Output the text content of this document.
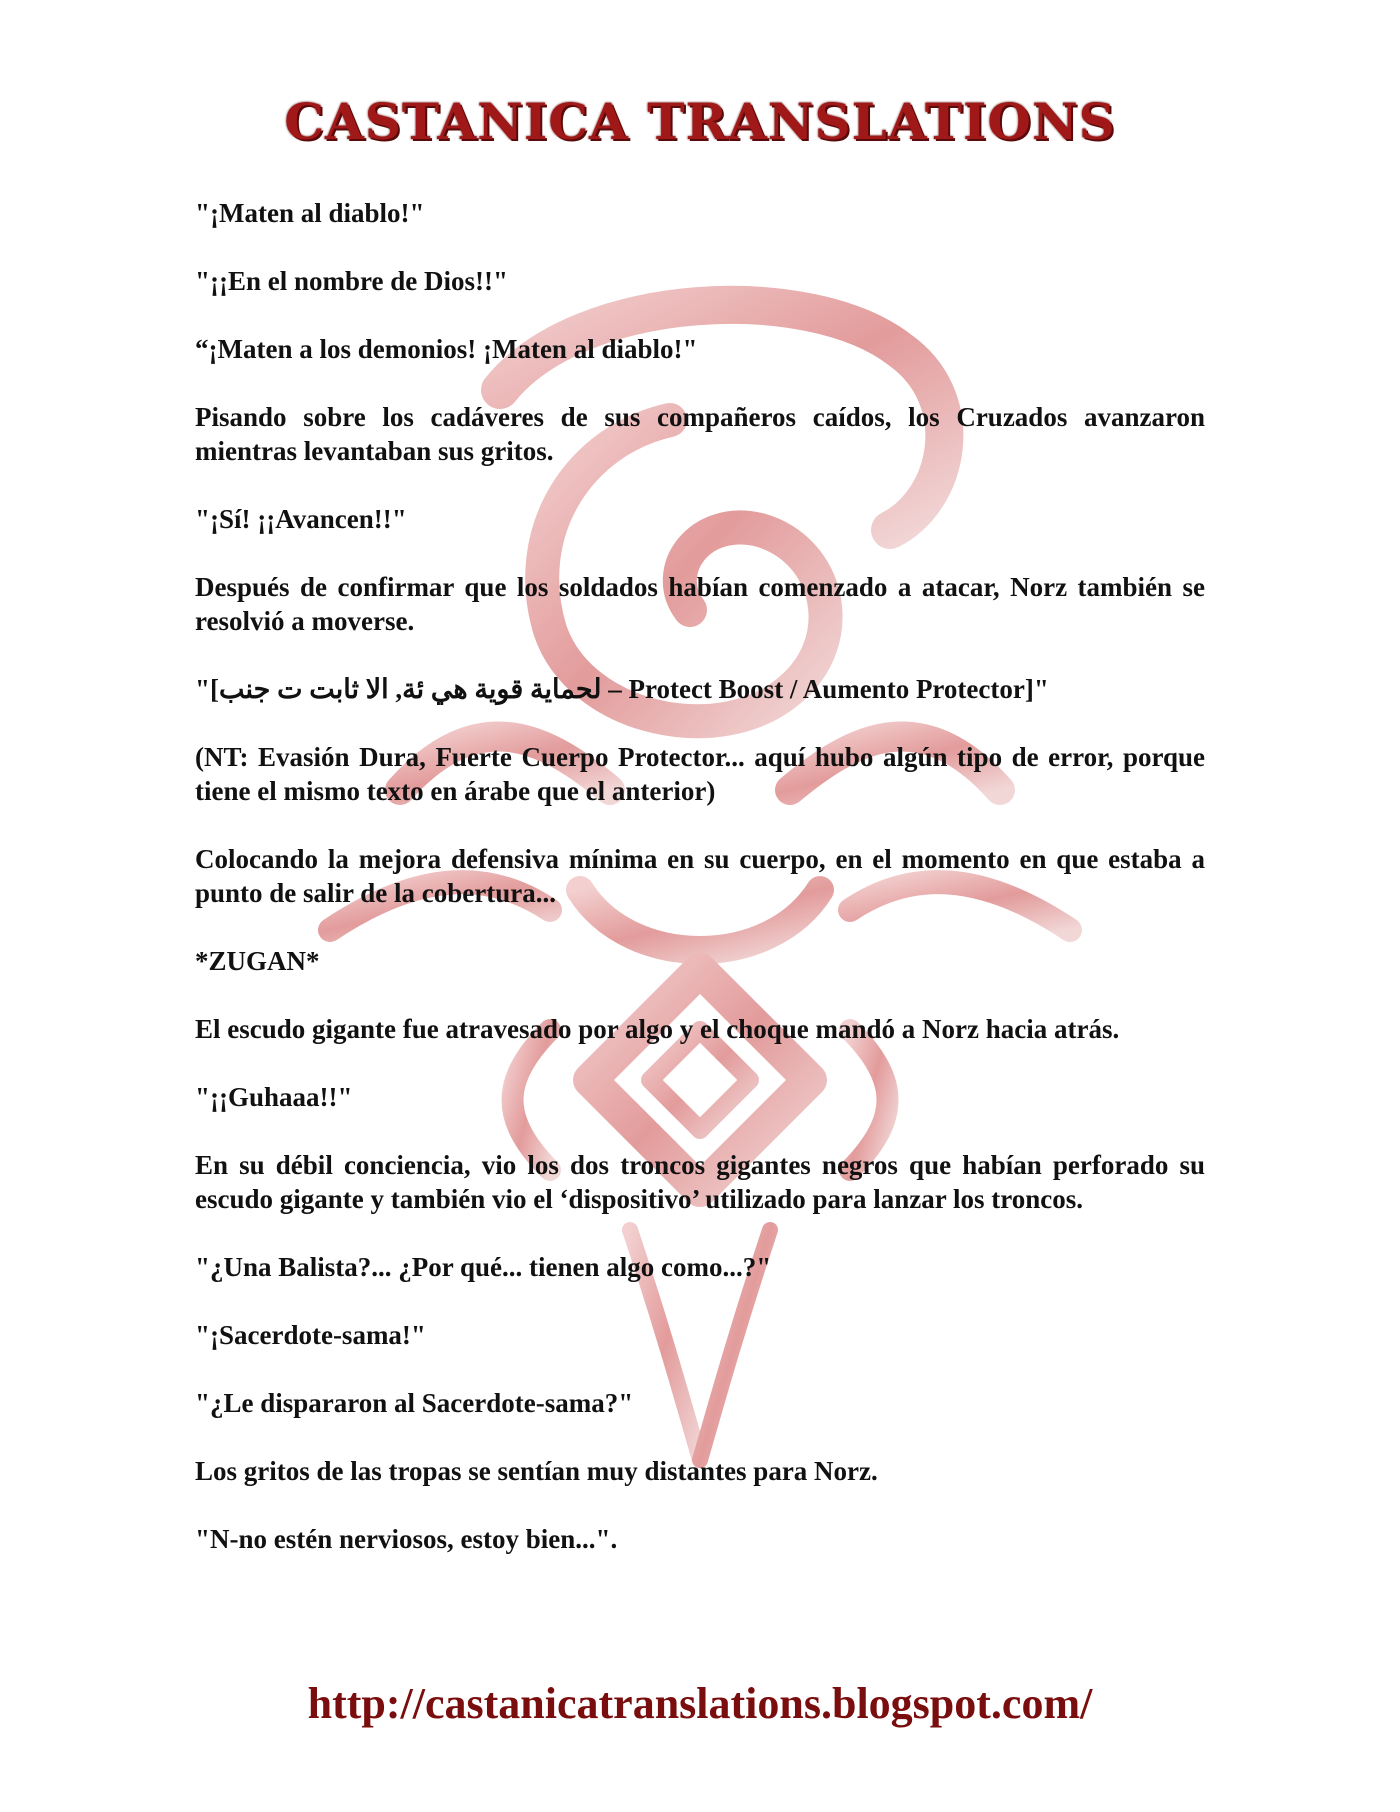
CASTANICA TRANSLATIONS

"¡Maten al diablo!"

"¡¡En el nombre de Dios!!"

“¡Maten a los demonios! ¡Maten al diablo!"

Pisando sobre los cadáveres de sus compañeros caídos, los Cruzados avanzaron mientras levantaban sus gritos.

"¡Sí! ¡¡Avancen!!"

Después de confirmar que los soldados habían comenzado a atacar, Norz también se resolvió a moverse.

"[لحماية قوية هي ئة, الا ثابت ت جنب – Protect Boost / Aumento Protector]"

(NT: Evasión Dura, Fuerte Cuerpo Protector... aquí hubo algún tipo de error, porque tiene el mismo texto en árabe que el anterior)

Colocando la mejora defensiva mínima en su cuerpo, en el momento en que estaba a punto de salir de la cobertura...

*ZUGAN*

El escudo gigante fue atravesado por algo y el choque mandó a Norz hacia atrás.

"¡¡Guhaaa!!"

En su débil conciencia, vio los dos troncos gigantes negros que habían perforado su escudo gigante y también vio el ‘dispositivo’ utilizado para lanzar los troncos.

"¿Una Balista?... ¿Por qué... tienen algo como...?"

"¡Sacerdote-sama!"

"¿Le dispararon al Sacerdote-sama?"

Los gritos de las tropas se sentían muy distantes para Norz.

"N-no estén nerviosos, estoy bien...".

http://castanicatranslations.blogspot.com/
